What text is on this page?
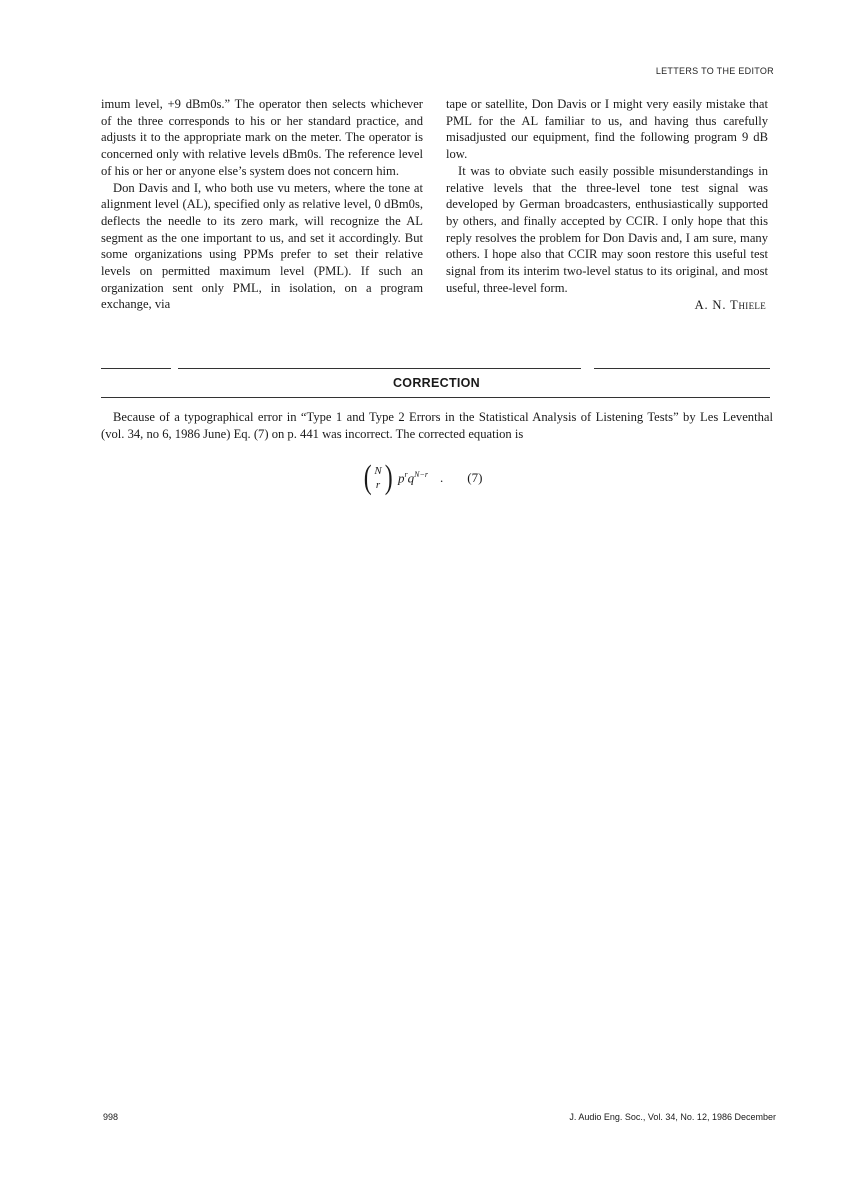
LETTERS TO THE EDITOR

imum level, +9 dBm0s.” The operator then selects whichever of the three corresponds to his or her standard practice, and adjusts it to the appropriate mark on the meter. The operator is concerned only with relative levels dBm0s. The reference level of his or her or anyone else’s system does not concern him.

Don Davis and I, who both use vu meters, where the tone at alignment level (AL), specified only as relative level, 0 dBm0s, deflects the needle to its zero mark, will recognize the AL segment as the one important to us, and set it accordingly. But some organizations using PPMs prefer to set their relative levels on permitted maximum level (PML). If such an organization sent only PML, in isolation, on a program exchange, via

tape or satellite, Don Davis or I might very easily mistake that PML for the AL familiar to us, and having thus carefully misadjusted our equipment, find the following program 9 dB low.

It was to obviate such easily possible misunderstandings in relative levels that the three-level tone test signal was developed by German broadcasters, enthusiastically supported by others, and finally accepted by CCIR. I only hope that this reply resolves the problem for Don Davis and, I am sure, many others. I hope also that CCIR may soon restore this useful test signal from its interim two-level status to its original, and most useful, three-level form.

A. N. THIELE
CORRECTION

Because of a typographical error in “Type 1 and Type 2 Errors in the Statistical Analysis of Listening Tests” by Les Leventhal (vol. 34, no 6, 1986 June) Eq. (7) on p. 441 was incorrect. The corrected equation is

( N
r ) $p^rq^{N-r}$ . (7)
998	J. Audio Eng. Soc., Vol. 34, No. 12, 1986 December
